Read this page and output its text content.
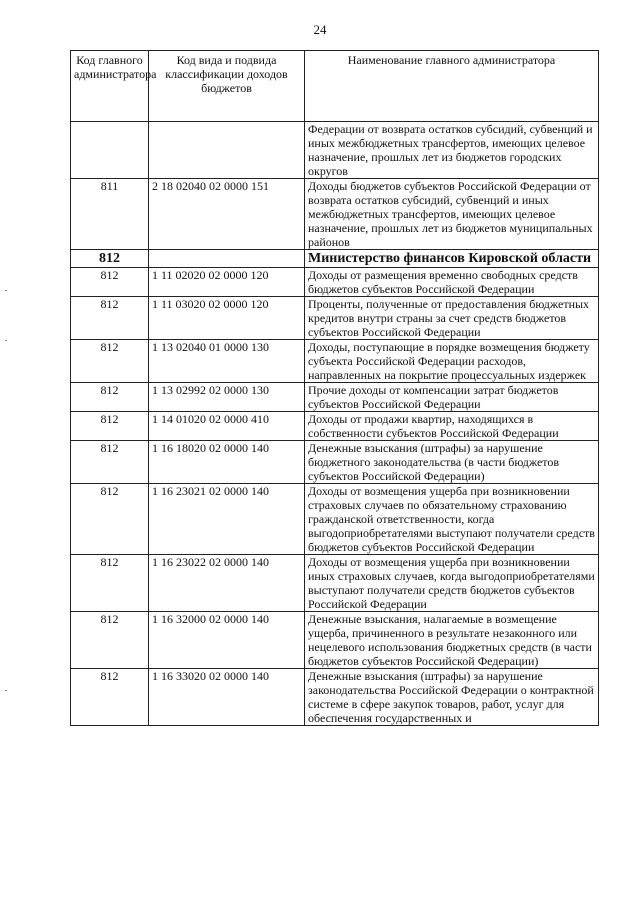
24
Код главного администратора	Код вида и подвида классификации доходов бюджетов	Наименование главного администратора
		Федерации от возврата остатков субсидий, субвенций и иных межбюджетных трансфертов, имеющих целевое назначение, прошлых лет из бюджетов городских округов
811	2 18 02040 02 0000 151	Доходы бюджетов субъектов Российской Федерации от возврата остатков субсидий, субвенций и иных межбюджетных трансфертов, имеющих целевое назначение, прошлых лет из бюджетов муниципальных районов
812		Министерство финансов Кировской области
812	1 11 02020 02 0000 120	Доходы от размещения временно свободных средств бюджетов субъектов Российской Федерации
812	1 11 03020 02 0000 120	Проценты, полученные от предоставления бюджетных кредитов внутри страны за счет средств бюджетов субъектов Российской Федерации
812	1 13 02040 01 0000 130	Доходы, поступающие в порядке возмещения бюджету субъекта Российской Федерации расходов, направленных на покрытие процессуальных издержек
812	1 13 02992 02 0000 130	Прочие доходы от компенсации затрат бюджетов субъектов Российской Федерации
812	1 14 01020 02 0000 410	Доходы от продажи квартир, находящихся в собственности субъектов Российской Федерации
812	1 16 18020 02 0000 140	Денежные взыскания (штрафы) за нарушение бюджетного законодательства (в части бюджетов субъектов Российской Федерации)
812	1 16 23021 02 0000 140	Доходы от возмещения ущерба при возникновении страховых случаев по обязательному страхованию гражданской ответственности, когда выгодоприобретателями выступают получатели средств бюджетов субъектов Российской Федерации
812	1 16 23022 02 0000 140	Доходы от возмещения ущерба при возникновении иных страховых случаев, когда выгодоприобретателями выступают получатели средств бюджетов субъектов Российской Федерации
812	1 16 32000 02 0000 140	Денежные взыскания, налагаемые в возмещение ущерба, причиненного в результате незаконного или нецелевого использования бюджетных средств (в части бюджетов субъектов Российской Федерации)
812	1 16 33020 02 0000 140	Денежные взыскания (штрафы) за нарушение законодательства Российской Федерации о контрактной системе в сфере закупок товаров, работ, услуг для обеспечения государственных и
